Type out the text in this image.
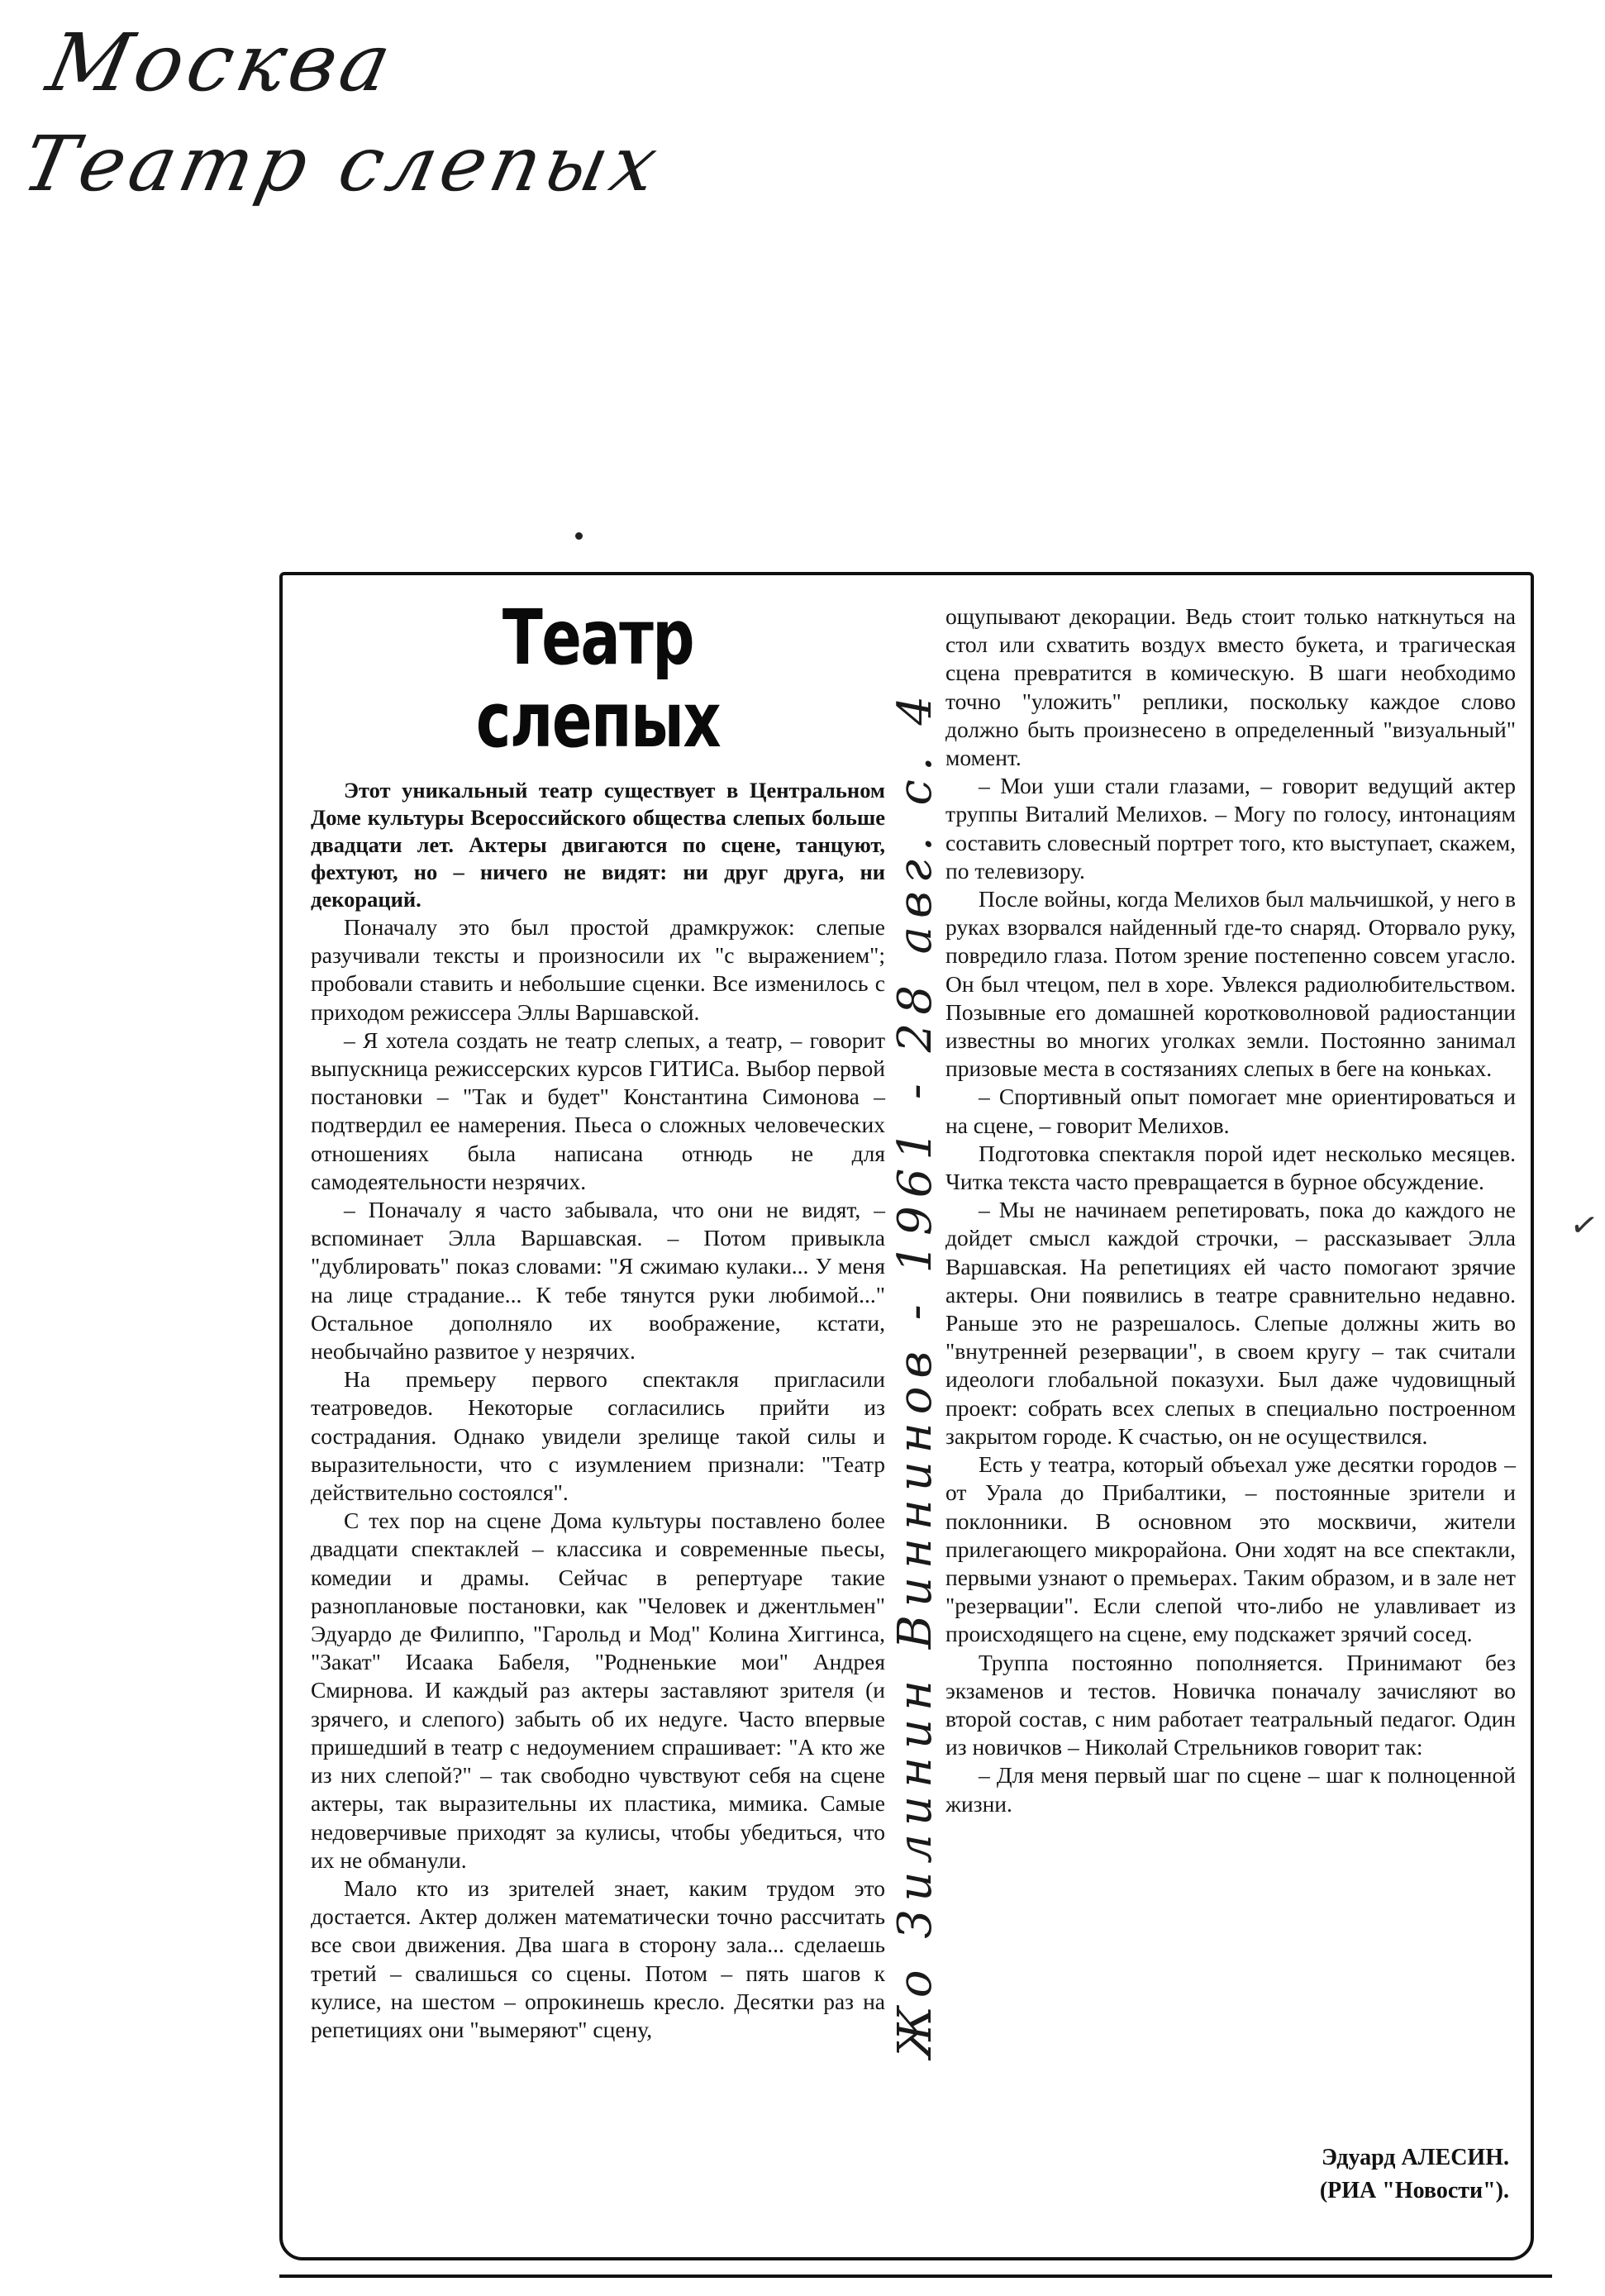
Москва
Театр слепых
Театр слепых

Этот уникальный театр существует в Центральном Доме культуры Всероссийского общества слепых больше двадцати лет. Актеры двигаются по сцене, танцуют, фехтуют, но – ничего не видят: ни друг друга, ни декораций.

Поначалу это был простой драмкружок: слепые разучивали тексты и произносили их "с выражением"; пробовали ставить и небольшие сценки. Все изменилось с приходом режиссера Эллы Варшавской.

– Я хотела создать не театр слепых, а театр, – говорит выпускница режиссерских курсов ГИТИСа. Выбор первой постановки – "Так и будет" Константина Симонова – подтвердил ее намерения. Пьеса о сложных человеческих отношениях была написана отнюдь не для самодеятельности незрячих.

– Поначалу я часто забывала, что они не видят, – вспоминает Элла Варшавская. – Потом привыкла "дублировать" показ словами: "Я сжимаю кулаки... У меня на лице страдание... К тебе тянутся руки любимой..." Остальное дополняло их воображение, кстати, необычайно развитое у незрячих.

На премьеру первого спектакля пригласили театроведов. Некоторые согласились прийти из сострадания. Однако увидели зрелище такой силы и выразительности, что с изумлением признали: "Театр действительно состоялся".

С тех пор на сцене Дома культуры поставлено более двадцати спектаклей – классика и современные пьесы, комедии и драмы. Сейчас в репертуаре такие разноплановые постановки, как "Человек и джентльмен" Эдуардо де Филиппо, "Гарольд и Мод" Колина Хиггинса, "Закат" Исаака Бабеля, "Родненькие мои" Андрея Смирнова. И каждый раз актеры заставляют зрителя (и зрячего, и слепого) забыть об их недуге. Часто впервые пришедший в театр с недоумением спрашивает: "А кто же из них слепой?" – так свободно чувствуют себя на сцене актеры, так выразительны их пластика, мимика. Самые недоверчивые приходят за кулисы, чтобы убедиться, что их не обманули.

Мало кто из зрителей знает, каким трудом это достается. Актер должен математически точно рассчитать все свои движения. Два шага в сторону зала... сделаешь третий – свалишься со сцены. Потом – пять шагов к кулисе, на шестом – опрокинешь кресло. Десятки раз на репетициях они "вымеряют" сцену,

ощупывают декорации. Ведь стоит только наткнуться на стол или схватить воздух вместо букета, и трагическая сцена превратится в комическую. В шаги необходимо точно "уложить" реплики, поскольку каждое слово должно быть произнесено в определенный "визуальный" момент.

– Мои уши стали глазами, – говорит ведущий актер труппы Виталий Мелихов. – Могу по голосу, интонациям составить словесный портрет того, кто выступает, скажем, по телевизору.

После войны, когда Мелихов был мальчишкой, у него в руках взорвался найденный где-то снаряд. Оторвало руку, повредило глаза. Потом зрение постепенно совсем угасло. Он был чтецом, пел в хоре. Увлекся радиолюбительством. Позывные его домашней коротковолновой радиостанции известны во многих уголках земли. Постоянно занимал призовые места в состязаниях слепых в беге на коньках.

– Спортивный опыт помогает мне ориентироваться и на сцене, – говорит Мелихов.

Подготовка спектакля порой идет несколько месяцев. Читка текста часто превращается в бурное обсуждение.

– Мы не начинаем репетировать, пока до каждого не дойдет смысл каждой строчки, – рассказывает Элла Варшавская. На репетициях ей часто помогают зрячие актеры. Они появились в театре сравнительно недавно. Раньше это не разрешалось. Слепые должны жить во "внутренней резервации", в своем кругу – так считали идеологи глобальной показухи. Был даже чудовищный проект: собрать всех слепых в специально построенном закрытом городе. К счастью, он не осуществился.

Есть у театра, который объехал уже десятки городов – от Урала до Прибалтики, – постоянные зрители и поклонники. В основном это москвичи, жители прилегающего микрорайона. Они ходят на все спектакли, первыми узнают о премьерах. Таким образом, и в зале нет "резервации". Если слепой что-либо не улавливает из происходящего на сцене, ему подскажет зрячий сосед.

Труппа постоянно пополняется. Принимают без экзаменов и тестов. Новичка поначалу зачисляют во второй состав, с ним работает театральный педагог. Один из новичков – Николай Стрельников говорит так:

– Для меня первый шаг по сцене – шаг к полноценной жизни.

Эдуард АЛЕСИН.
(РИА "Новости").
Жо Зилинин Виннинов - 1961 - 28 авг. с. 4	✓
